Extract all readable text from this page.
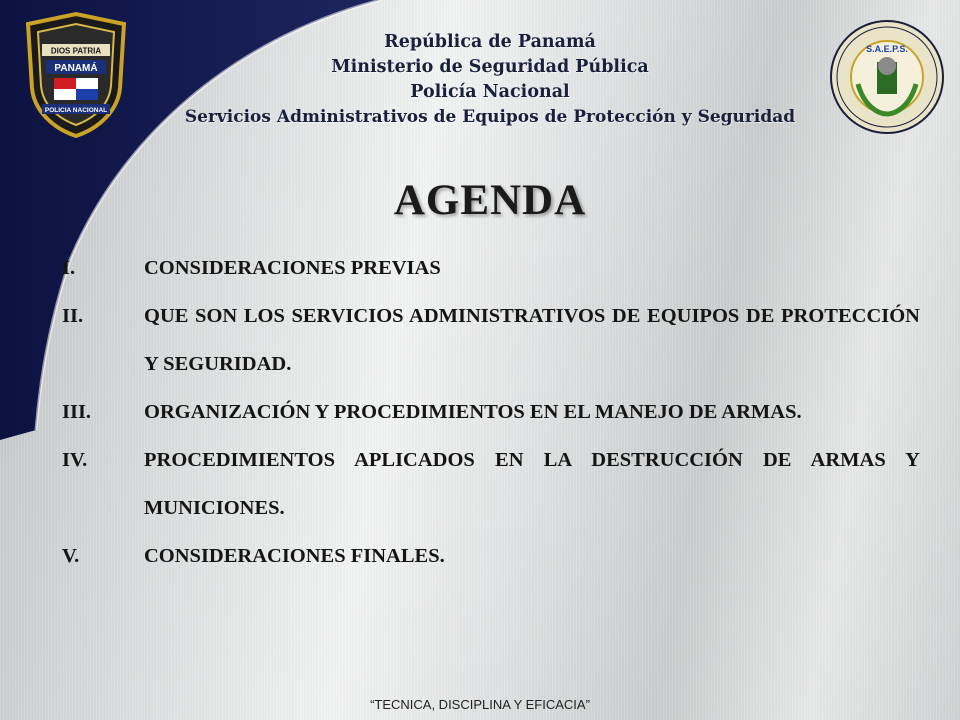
DIOS PATRIA
PANAMÁ
POLICIA NACIONAL
S.A.E.P.S.
República de Panamá
Ministerio de Seguridad Pública
Policía Nacional
Servicios Administrativos de Equipos de Protección y Seguridad
AGENDA
I.	CONSIDERACIONES PREVIAS
II.	QUE SON LOS SERVICIOS ADMINISTRATIVOS DE EQUIPOS DE PROTECCIÓN Y SEGURIDAD.
III.	ORGANIZACIÓN Y PROCEDIMIENTOS EN EL MANEJO DE ARMAS.
IV.	PROCEDIMIENTOS APLICADOS EN LA DESTRUCCIÓN DE ARMAS Y MUNICIONES.
V.	CONSIDERACIONES FINALES.
“TECNICA, DISCIPLINA Y EFICACIA”
